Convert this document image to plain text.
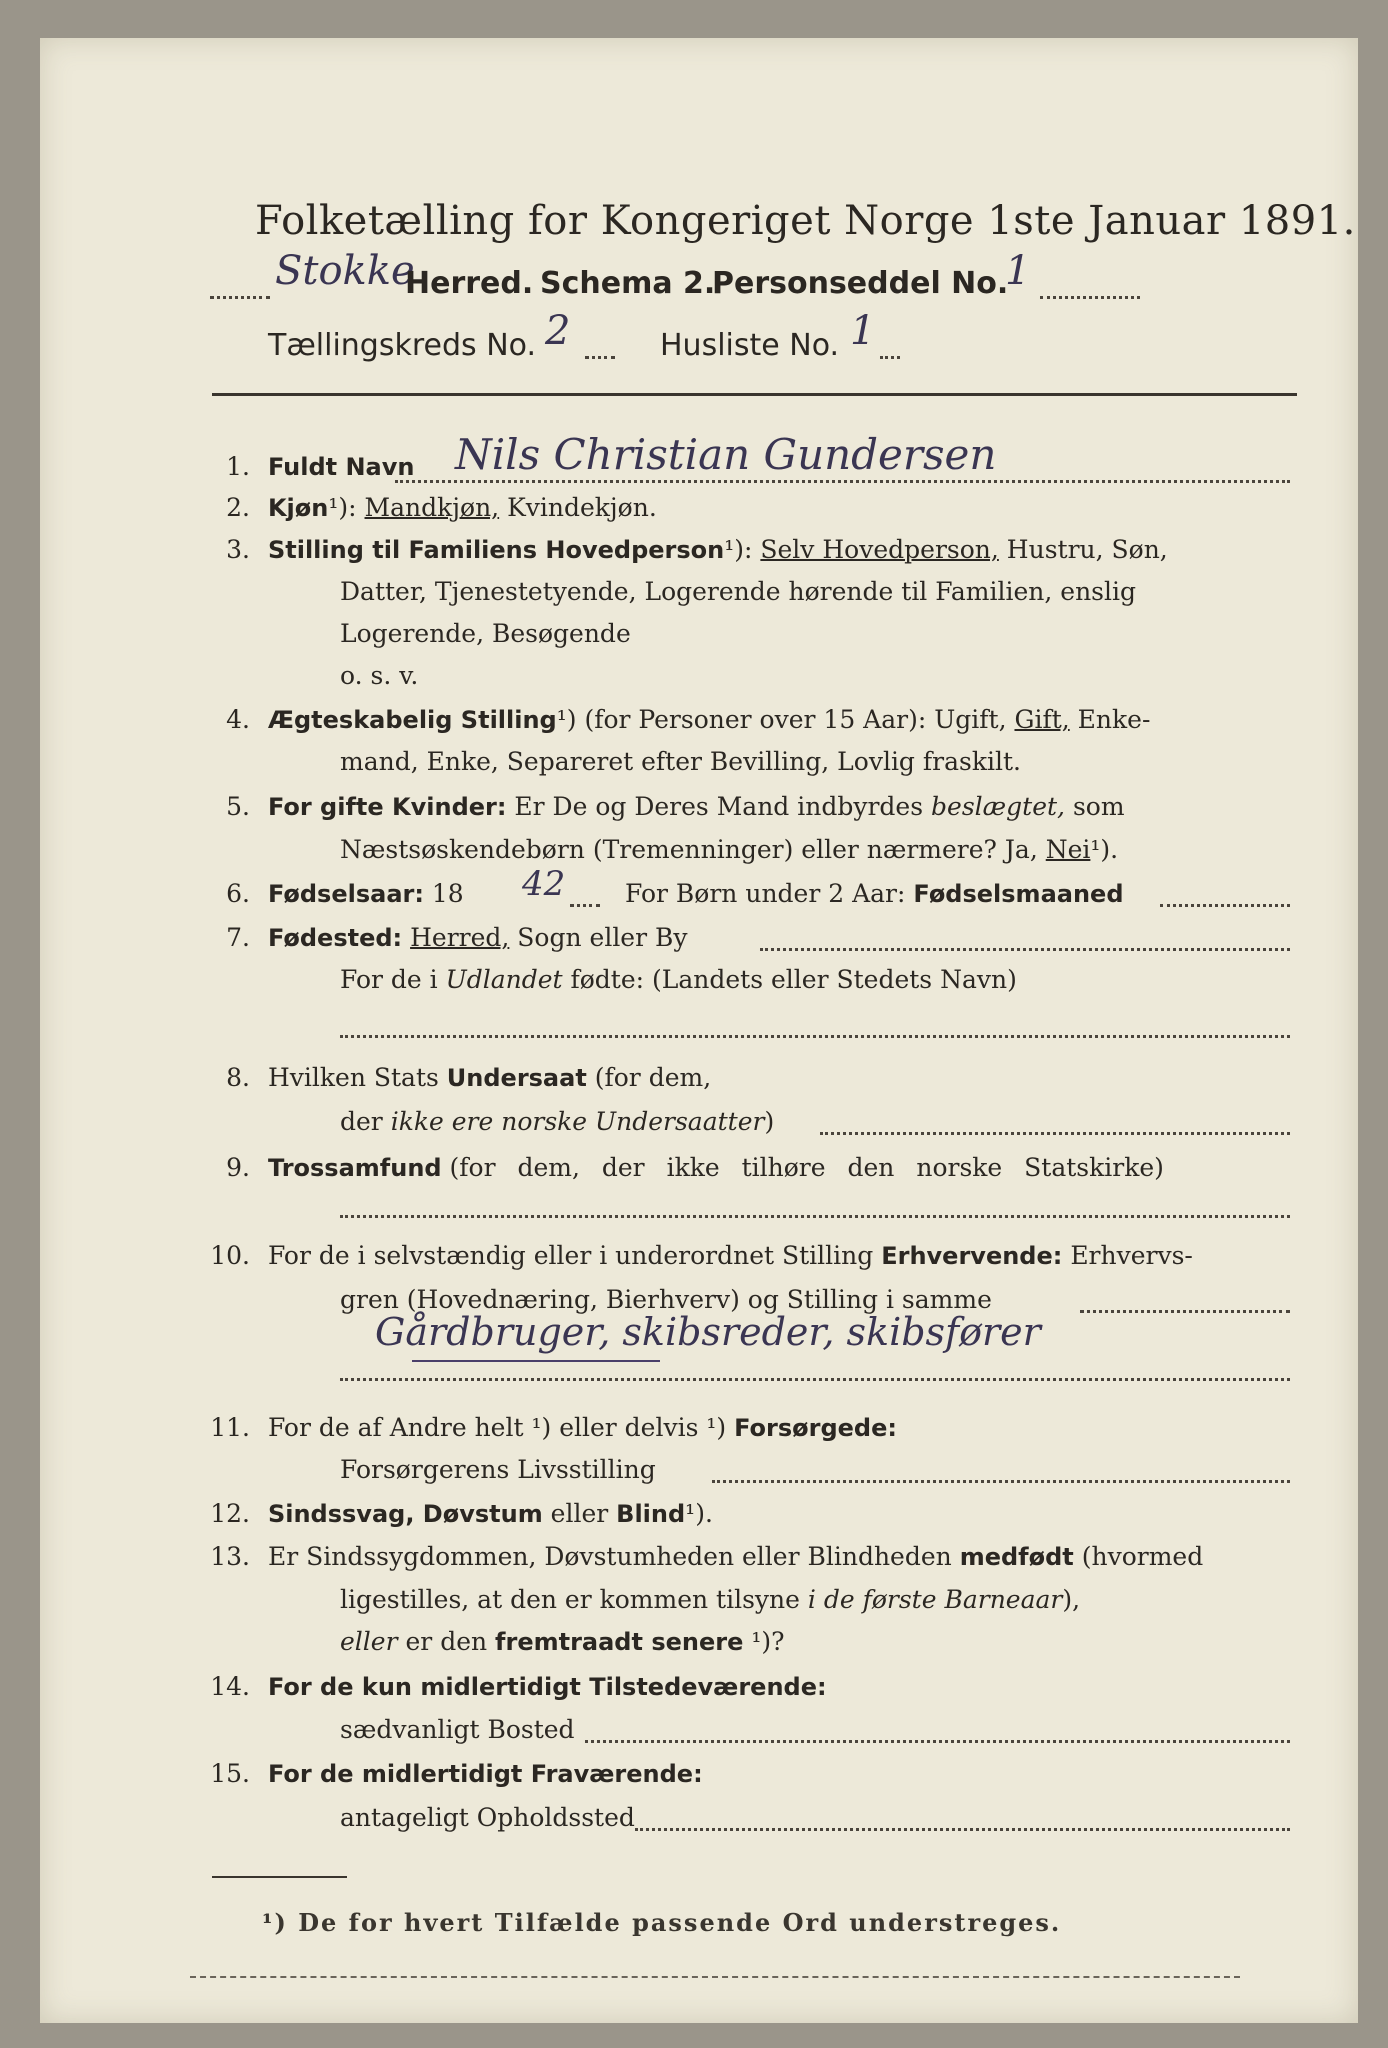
Folketælling for Kongeriget Norge 1ste Januar 1891.
Stokke
Herred. Schema 2.
Personseddel No.
1
Tællingskreds No. 2	Husliste No. 1
1. Fuldt Navn Nils Christian Gundersen
2. Kjøn¹): Mandkjøn, Kvindekjøn.
3. Stilling til Familiens Hovedperson¹): Selv Hovedperson, Hustru, Søn,
Datter, Tjenestetyende, Logerende hørende til Familien, enslig
Logerende, Besøgende
o. s. v.
4. Ægteskabelig Stilling¹) (for Personer over 15 Aar): Ugift, Gift, Enke-
mand, Enke, Separeret efter Bevilling, Lovlig fraskilt.
5. For gifte Kvinder: Er De og Deres Mand indbyrdes beslægtet, som
Næstsøskendebørn (Tremenninger) eller nærmere? Ja, Nei¹).
6. Fødselsaar: 18 42 For Børn under 2 Aar: Fødselsmaaned
7. Fødested: Herred, Sogn eller By
For de i Udlandet fødte: (Landets eller Stedets Navn)
8. Hvilken Stats Undersaat (for dem,
der ikke ere norske Undersaatter)
9. Trossamfund (for dem, der ikke tilhøre den norske Statskirke)
10. For de i selvstændig eller i underordnet Stilling Erhvervende: Erhvervs-
gren (Hovednæring, Bierhverv) og Stilling i samme
Gårdbruger, skibsreder, skibsfører
11. For de af Andre helt ¹) eller delvis ¹) Forsørgede:
Forsørgerens Livsstilling
12. Sindssvag, Døvstum eller Blind¹).
13. Er Sindssygdommen, Døvstumheden eller Blindheden medfødt (hvormed
ligestilles, at den er kommen tilsyne i de første Barneaar),
eller er den fremtraadt senere ¹)?
14. For de kun midlertidigt Tilstedeværende:
sædvanligt Bosted
15. For de midlertidigt Fraværende:
antageligt Opholdssted
¹) De for hvert Tilfælde passende Ord understreges.
